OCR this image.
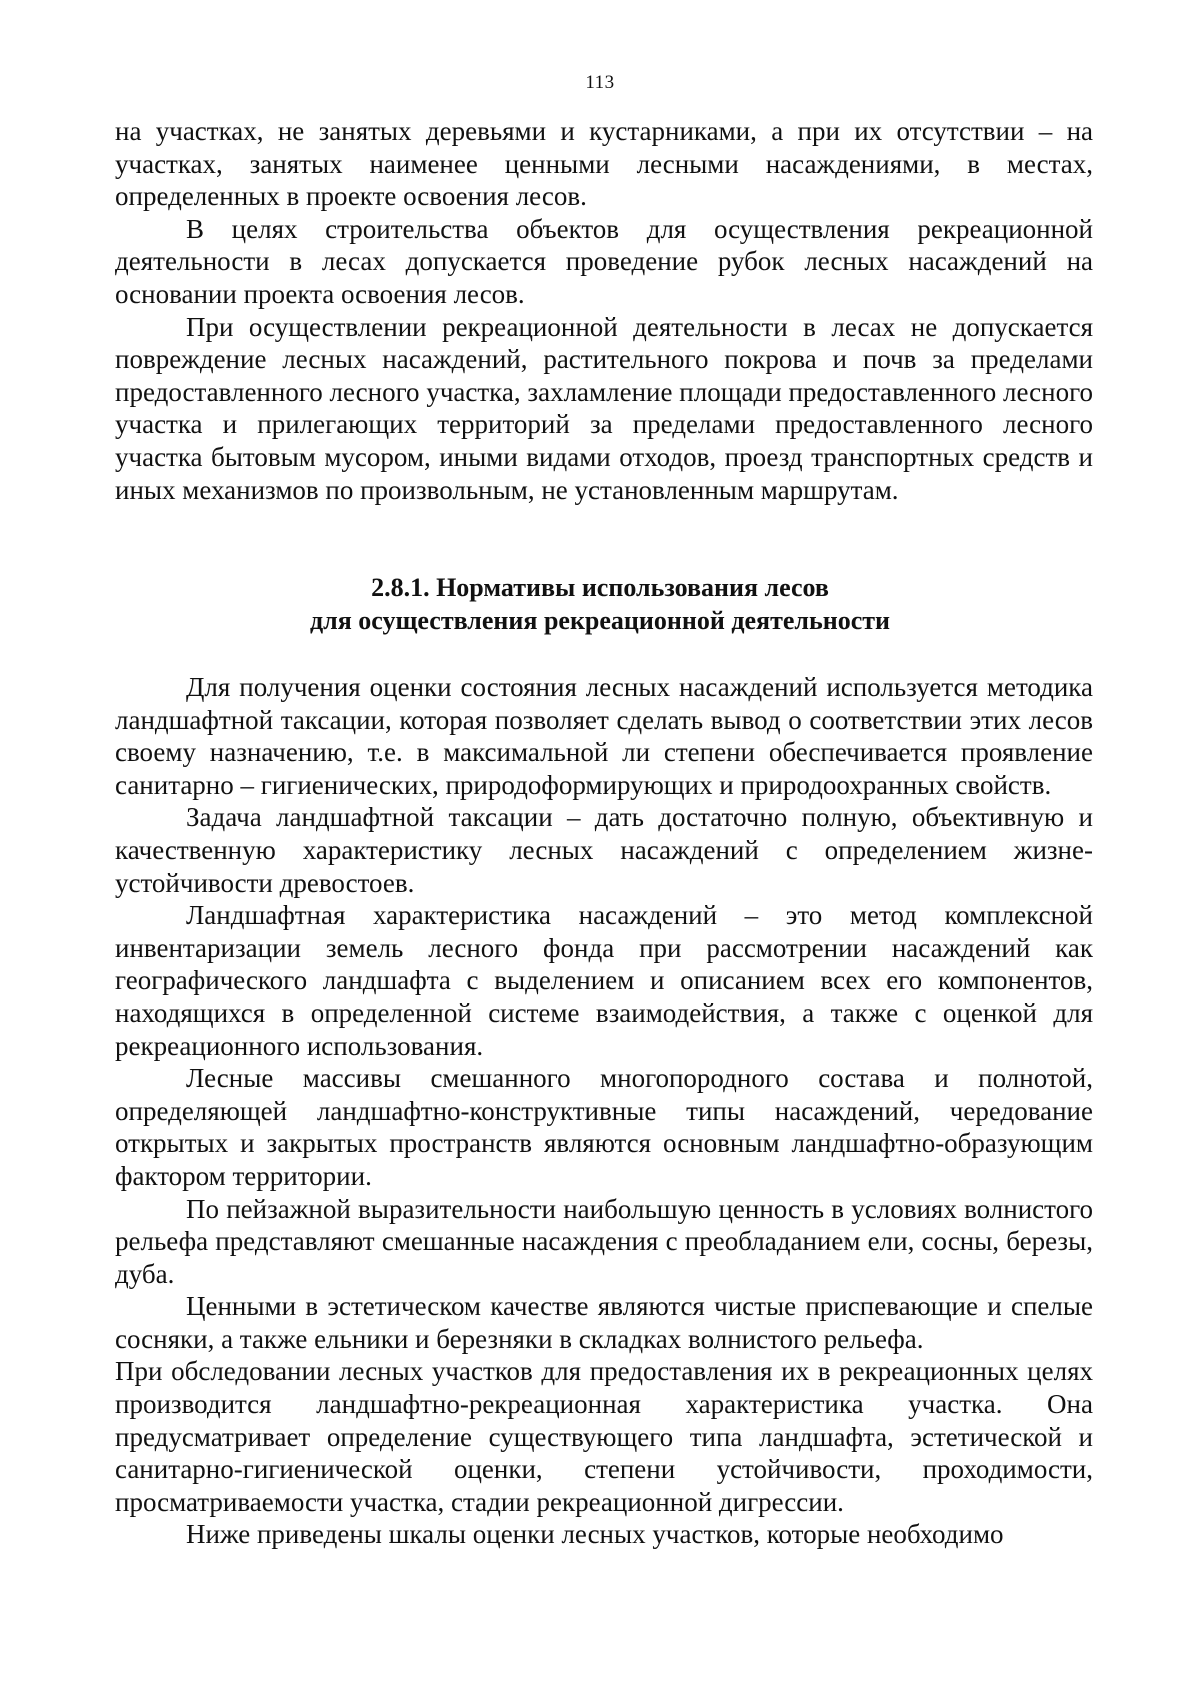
113

на участках, не занятых деревьями и кустарниками, а при их отсутствии – на участках, занятых наименее ценными лесными насаждениями, в местах, определенных в проекте освоения лесов.

В целях строительства объектов для осуществления рекреационной деятельности в лесах допускается проведение рубок лесных насаждений на основании проекта освоения лесов.

При осуществлении рекреационной деятельности в лесах не допускается повреждение лесных насаждений, растительного покрова и почв за пределами предоставленного лесного участка, захламление площади предоставленного лесного участка и прилегающих территорий за пределами предоставленного лесного участка бытовым мусором, иными видами отходов, проезд транспортных средств и иных механизмов по произвольным, не установленным маршрутам.

2.8.1. Нормативы использования лесов
для осуществления рекреационной деятельности

Для получения оценки состояния лесных насаждений используется методика ландшафтной таксации, которая позволяет сделать вывод о соответствии этих лесов своему назначению, т.е. в максимальной ли степени обеспечивается проявление санитарно – гигиенических, природоформирующих и природоохранных свойств.

Задача ландшафтной таксации – дать достаточно полную, объективную и качественную характеристику лесных насаждений с определением жизне-устойчивости древостоев.

Ландшафтная характеристика насаждений – это метод комплексной инвентаризации земель лесного фонда при рассмотрении насаждений как географического ландшафта с выделением и описанием всех его компонентов, находящихся в определенной системе взаимодействия, а также с оценкой для рекреационного использования.

Лесные массивы смешанного многопородного состава и полнотой, определяющей ландшафтно-конструктивные типы насаждений, чередование открытых и закрытых пространств являются основным ландшафтно-образующим фактором территории.

По пейзажной выразительности наибольшую ценность в условиях волнистого рельефа представляют смешанные насаждения с преобладанием ели, сосны, березы, дуба.

Ценными в эстетическом качестве являются чистые приспевающие и спелые сосняки, а также ельники и березняки в складках волнистого рельефа.

При обследовании лесных участков для предоставления их в рекреационных целях производится ландшафтно-рекреационная характеристика участка. Она предусматривает определение существующего типа ландшафта, эстетической и санитарно-гигиенической оценки, степени устойчивости, проходимости, просматриваемости участка, стадии рекреационной дигрессии.

Ниже приведены шкалы оценки лесных участков, которые необходимо
